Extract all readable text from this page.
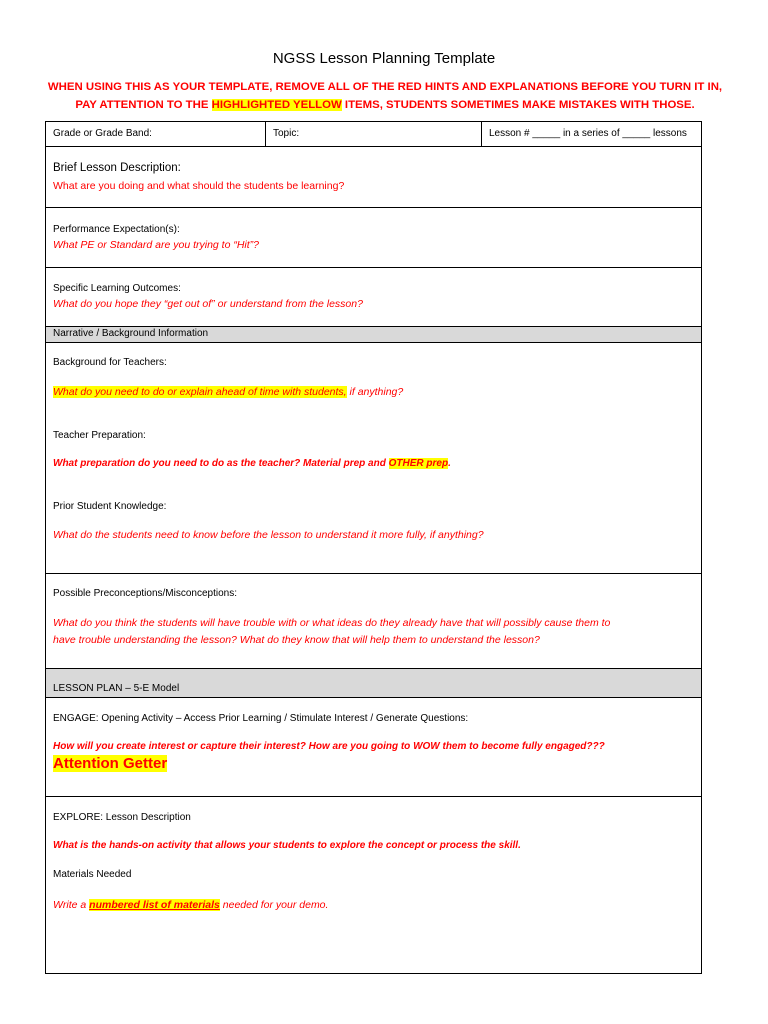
NGSS Lesson Planning Template
WHEN USING THIS AS YOUR TEMPLATE, REMOVE ALL OF THE RED HINTS AND EXPLANATIONS BEFORE YOU TURN IT IN, PAY ATTENTION TO THE HIGHLIGHTED YELLOW ITEMS, STUDENTS SOMETIMES MAKE MISTAKES WITH THOSE.
Grade or Grade Band:	Topic:	Lesson # _____ in a series of _____ lessons
Brief Lesson Description:
What are you doing and what should the students be learning?
Performance Expectation(s):
What PE or Standard are you trying to “Hit”?
Specific Learning Outcomes:
What do you hope they “get out of” or understand from the lesson?
Narrative / Background Information
Background for Teachers:
What do you need to do or explain ahead of time with students, if anything?
Teacher Preparation:
What preparation do you need to do as the teacher? Material prep and OTHER prep.
Prior Student Knowledge:
What do the students need to know before the lesson to understand it more fully, if anything?
Possible Preconceptions/Misconceptions:
What do you think the students will have trouble with or what ideas do they already have that will possibly cause them to
have trouble understanding the lesson? What do they know that will help them to understand the lesson?
LESSON PLAN – 5-E Model
ENGAGE: Opening Activity – Access Prior Learning / Stimulate Interest / Generate Questions:
How will you create interest or capture their interest? How are you going to WOW them to become fully engaged???
Attention Getter
EXPLORE: Lesson Description
What is the hands-on activity that allows your students to explore the concept or process the skill.
Materials Needed
Write a numbered list of materials needed for your demo.
